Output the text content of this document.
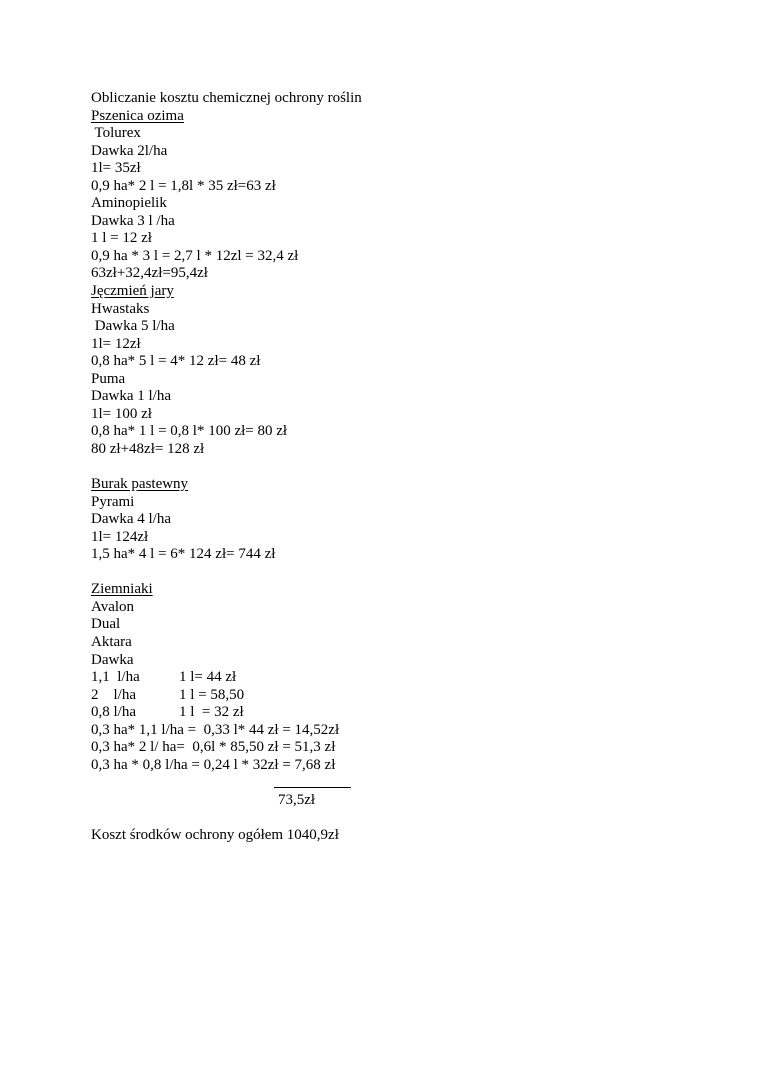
Obliczanie kosztu chemicznej ochrony roślin
Pszenica ozima
Tolurex
Dawka 2l/ha
1l= 35zł
0,9 ha* 2 l = 1,8l * 35 zł=63 zł
Aminopielik
Dawka 3 l /ha
1 l = 12 zł
0,9 ha * 3 l = 2,7 l * 12zl = 32,4 zł
63zł+32,4zł=95,4zł
Jęczmień jary
Hwastaks
Dawka 5 l/ha
1l= 12zł
0,8 ha* 5 l = 4* 12 zł= 48 zł
Puma
Dawka 1 l/ha
1l= 100 zł
0,8 ha* 1 l = 0,8 l* 100 zł= 80 zł
80 zł+48zł= 128 zł
Burak pastewny
Pyrami
Dawka 4 l/ha
1l= 124zł
1,5 ha* 4 l = 6* 124 zł= 744 zł
Ziemniaki
Avalon
Dual
Aktara
Dawka
1,1  l/ha	1 l= 44 zł
2    l/ha	1 l = 58,50
0,8 l/ha	1 l  = 32 zł
0,3 ha* 1,1 l/ha =  0,33 l* 44 zł = 14,52zł
0,3 ha* 2 l/ ha=  0,6l * 85,50 zł = 51,3 zł
0,3 ha * 0,8 l/ha = 0,24 l * 32zł = 7,68 zł
73,5zł
Koszt środków ochrony ogółem 1040,9zł
